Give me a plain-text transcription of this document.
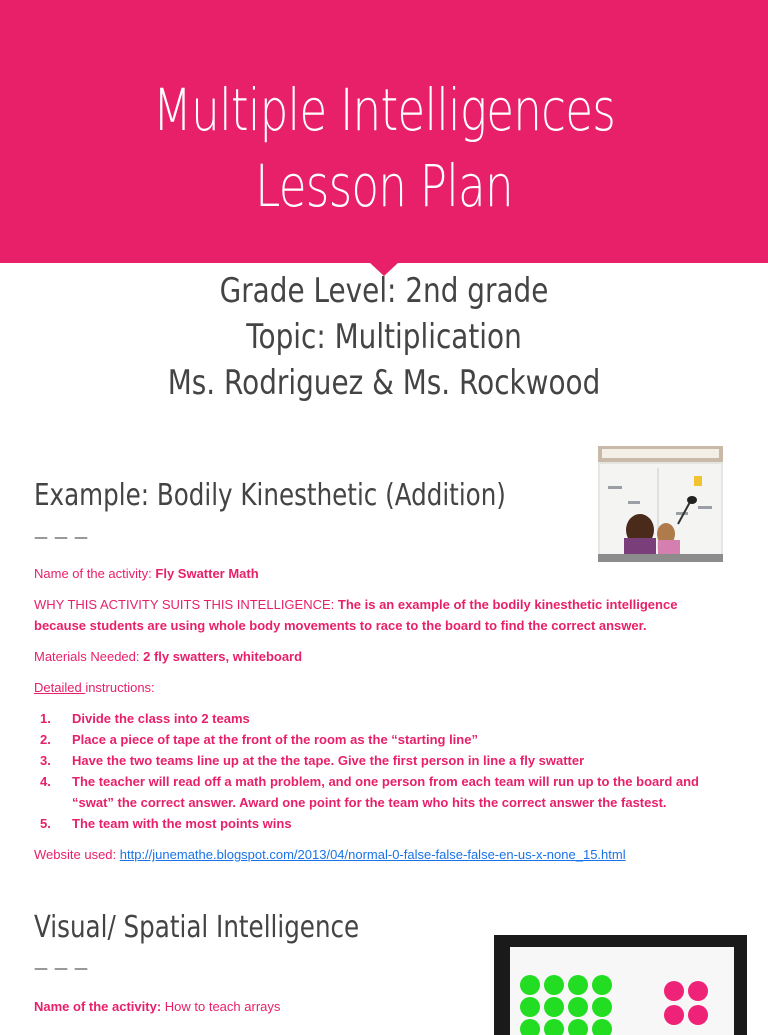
Multiple Intelligences Lesson Plan
Grade Level: 2nd grade
Topic: Multiplication
Ms. Rodriguez & Ms. Rockwood
Example: Bodily Kinesthetic (Addition)
———
Name of the activity: Fly Swatter Math
WHY THIS ACTIVITY SUITS THIS INTELLIGENCE: The is an example of the bodily kinesthetic intelligence because students are using whole body movements to race to the board to find the correct answer.
Materials Needed: 2 fly swatters, whiteboard
Detailed instructions:
1. Divide the class into 2 teams
2. Place a piece of tape at the front of the room as the “starting line”
3. Have the two teams line up at the the tape. Give the first person in line a fly swatter
4. The teacher will read off a math problem, and one person from each team will run up to the board and “swat” the correct answer. Award one point for the team who hits the correct answer the fastest.
5. The team with the most points wins
Website used: http://junemathe.blogspot.com/2013/04/normal-0-false-false-false-en-us-x-none_15.html
Visual/ Spatial Intelligence
———
Name of the activity: How to teach arrays
